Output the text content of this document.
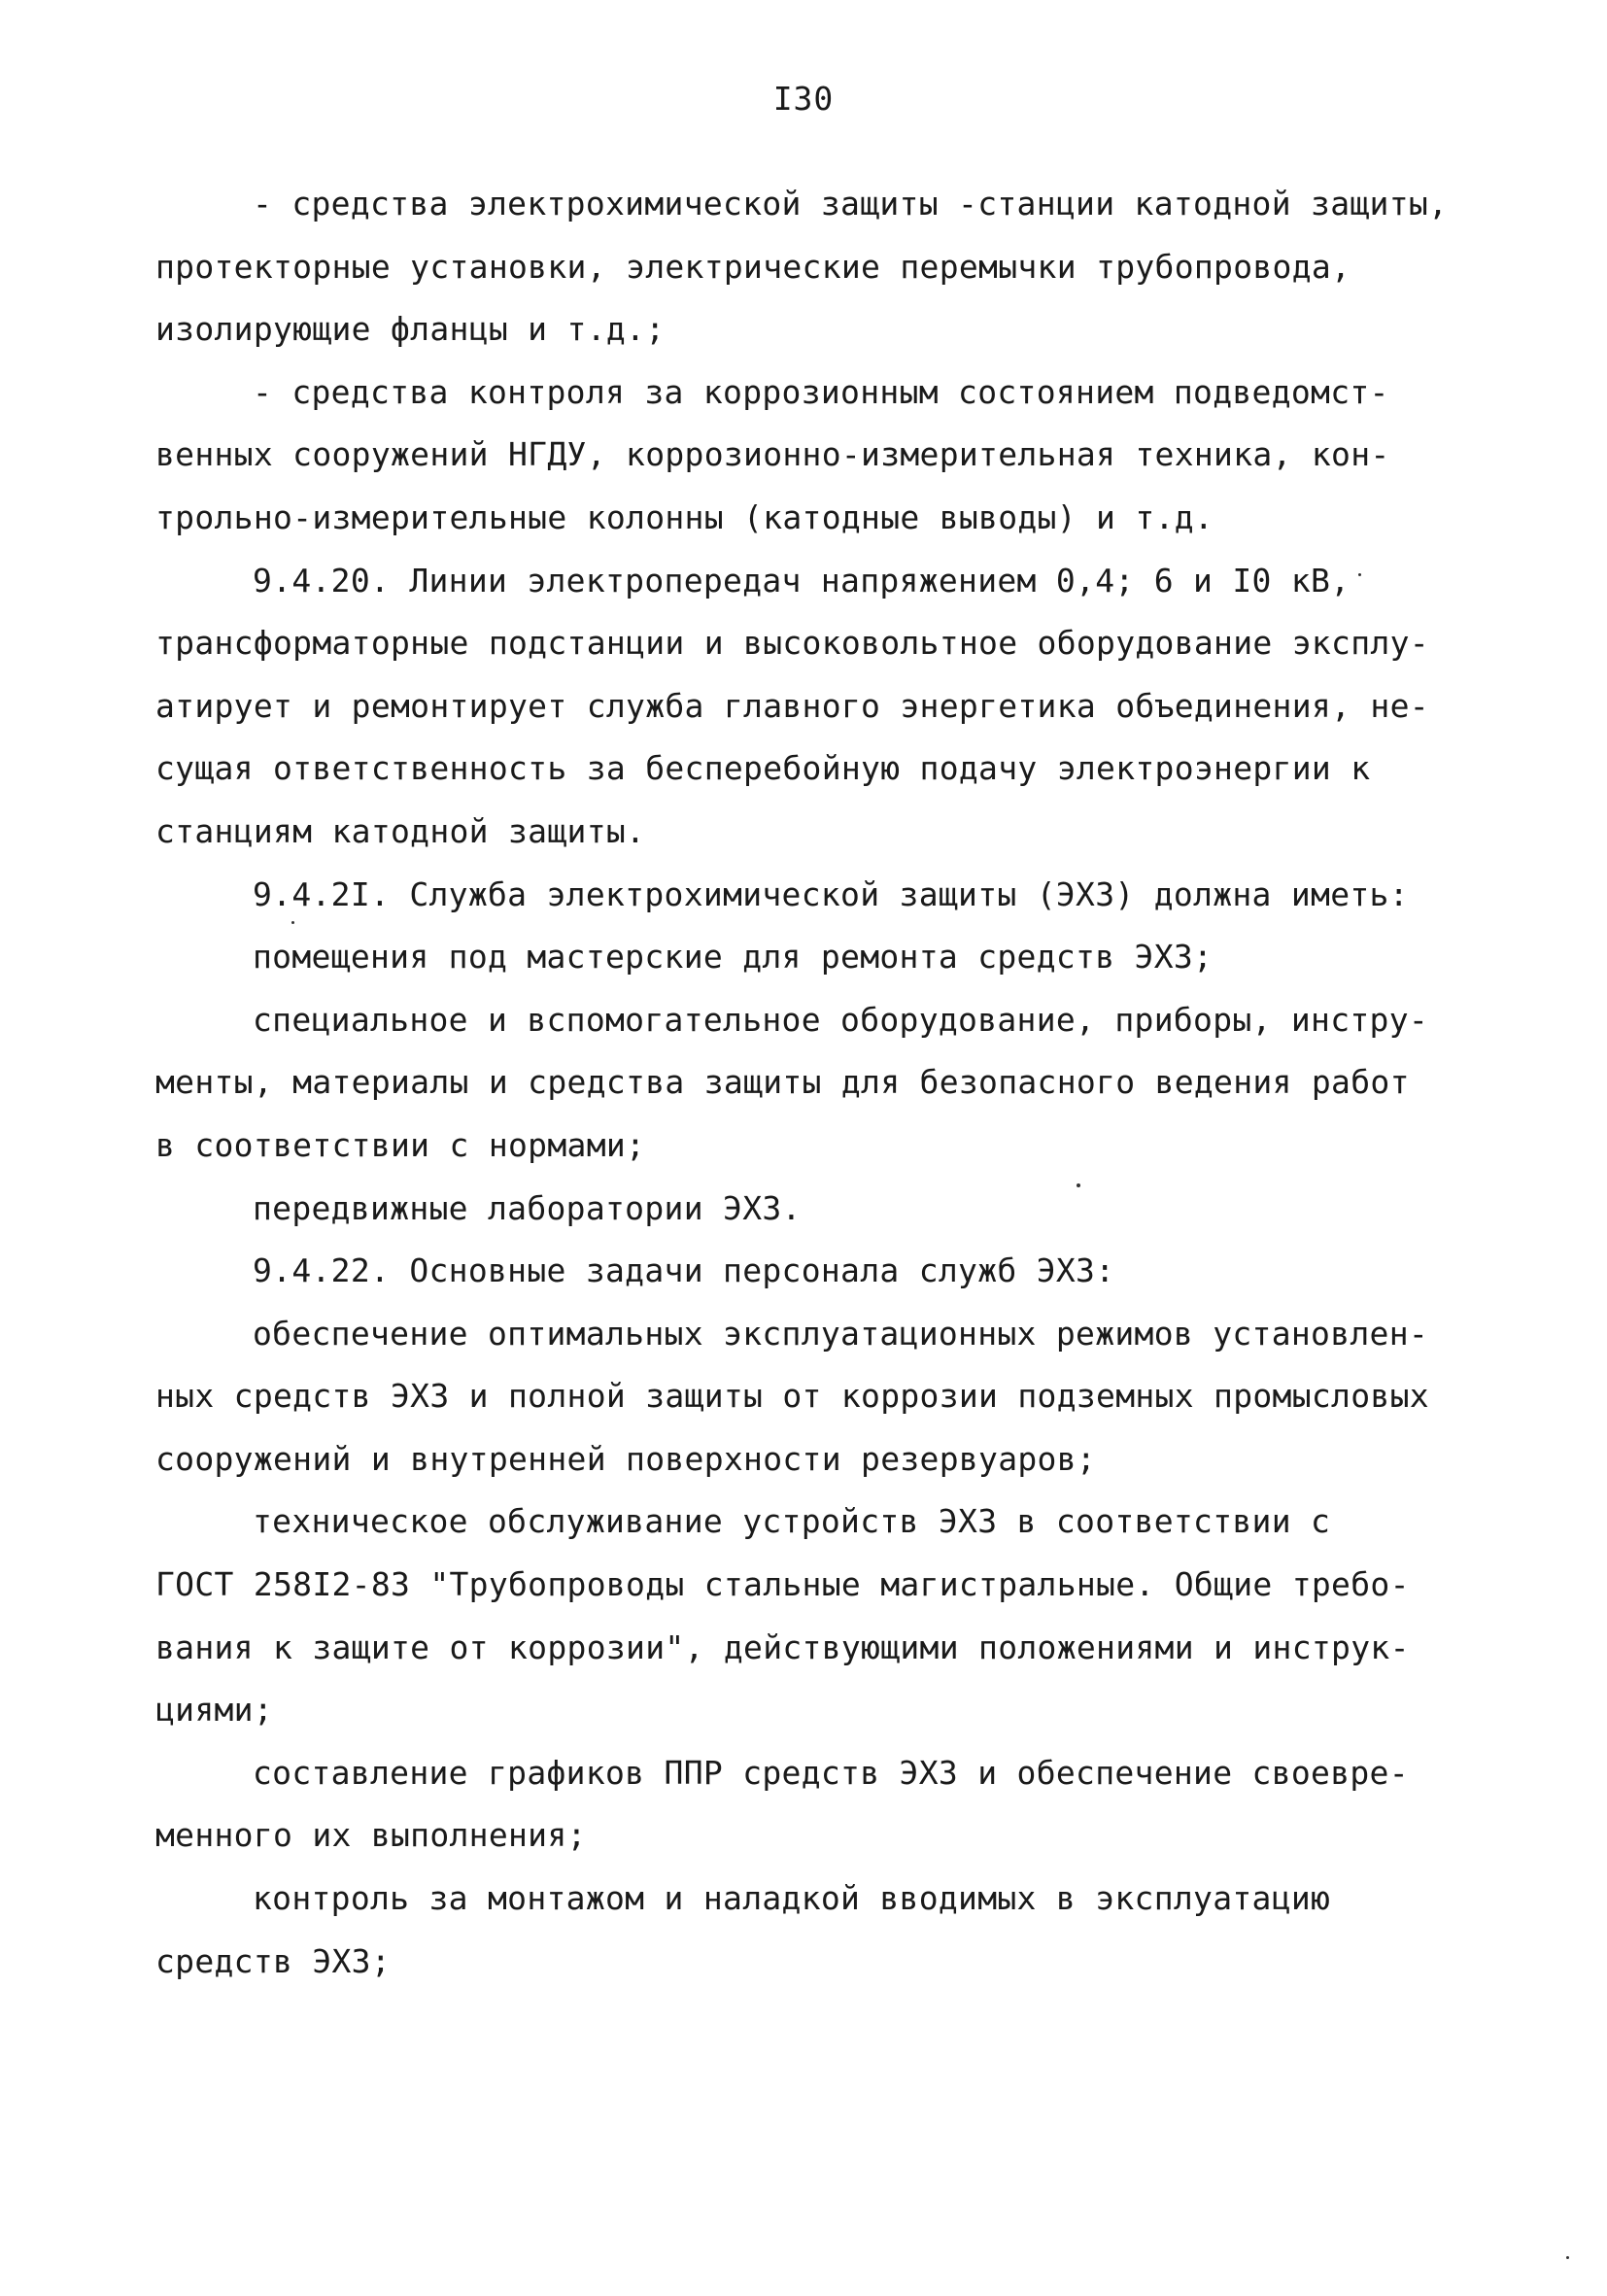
I30
- средства электрохимической защиты -станции катодной защиты,
протекторные установки, электрические перемычки трубопровода,
изолирующие фланцы и т.д.;
- средства контроля за коррозионным состоянием подведомст-
венных сооружений НГДУ, коррозионно-измерительная техника, кон-
трольно-измерительные колонны (катодные выводы) и т.д.
9.4.20. Линии электропередач напряжением 0,4; 6 и I0 кВ,
трансформаторные подстанции и высоковольтное оборудование эксплу-
атирует и ремонтирует служба главного энергетика объединения, не-
сущая ответственность за бесперебойную подачу электроэнергии к
станциям катодной защиты.
9.4.2I. Служба электрохимической защиты (ЭХЗ) должна иметь:
помещения под мастерские для ремонта средств ЭХЗ;
специальное и вспомогательное оборудование, приборы, инстру-
менты, материалы и средства защиты для безопасного ведения работ
в соответствии с нормами;
передвижные лаборатории ЭХЗ.
9.4.22. Основные задачи персонала служб ЭХЗ:
обеспечение оптимальных эксплуатационных режимов установлен-
ных средств ЭХЗ и полной защиты от коррозии подземных промысловых
сооружений и внутренней поверхности резервуаров;
техническое обслуживание устройств ЭХЗ в соответствии с
ГОСТ 258I2-83 "Трубопроводы стальные магистральные. Общие требо-
вания к защите от коррозии", действующими положениями и инструк-
циями;
составление графиков ППР средств ЭХЗ и обеспечение своевре-
менного их выполнения;
контроль за монтажом и наладкой вводимых в эксплуатацию
средств ЭХЗ;
